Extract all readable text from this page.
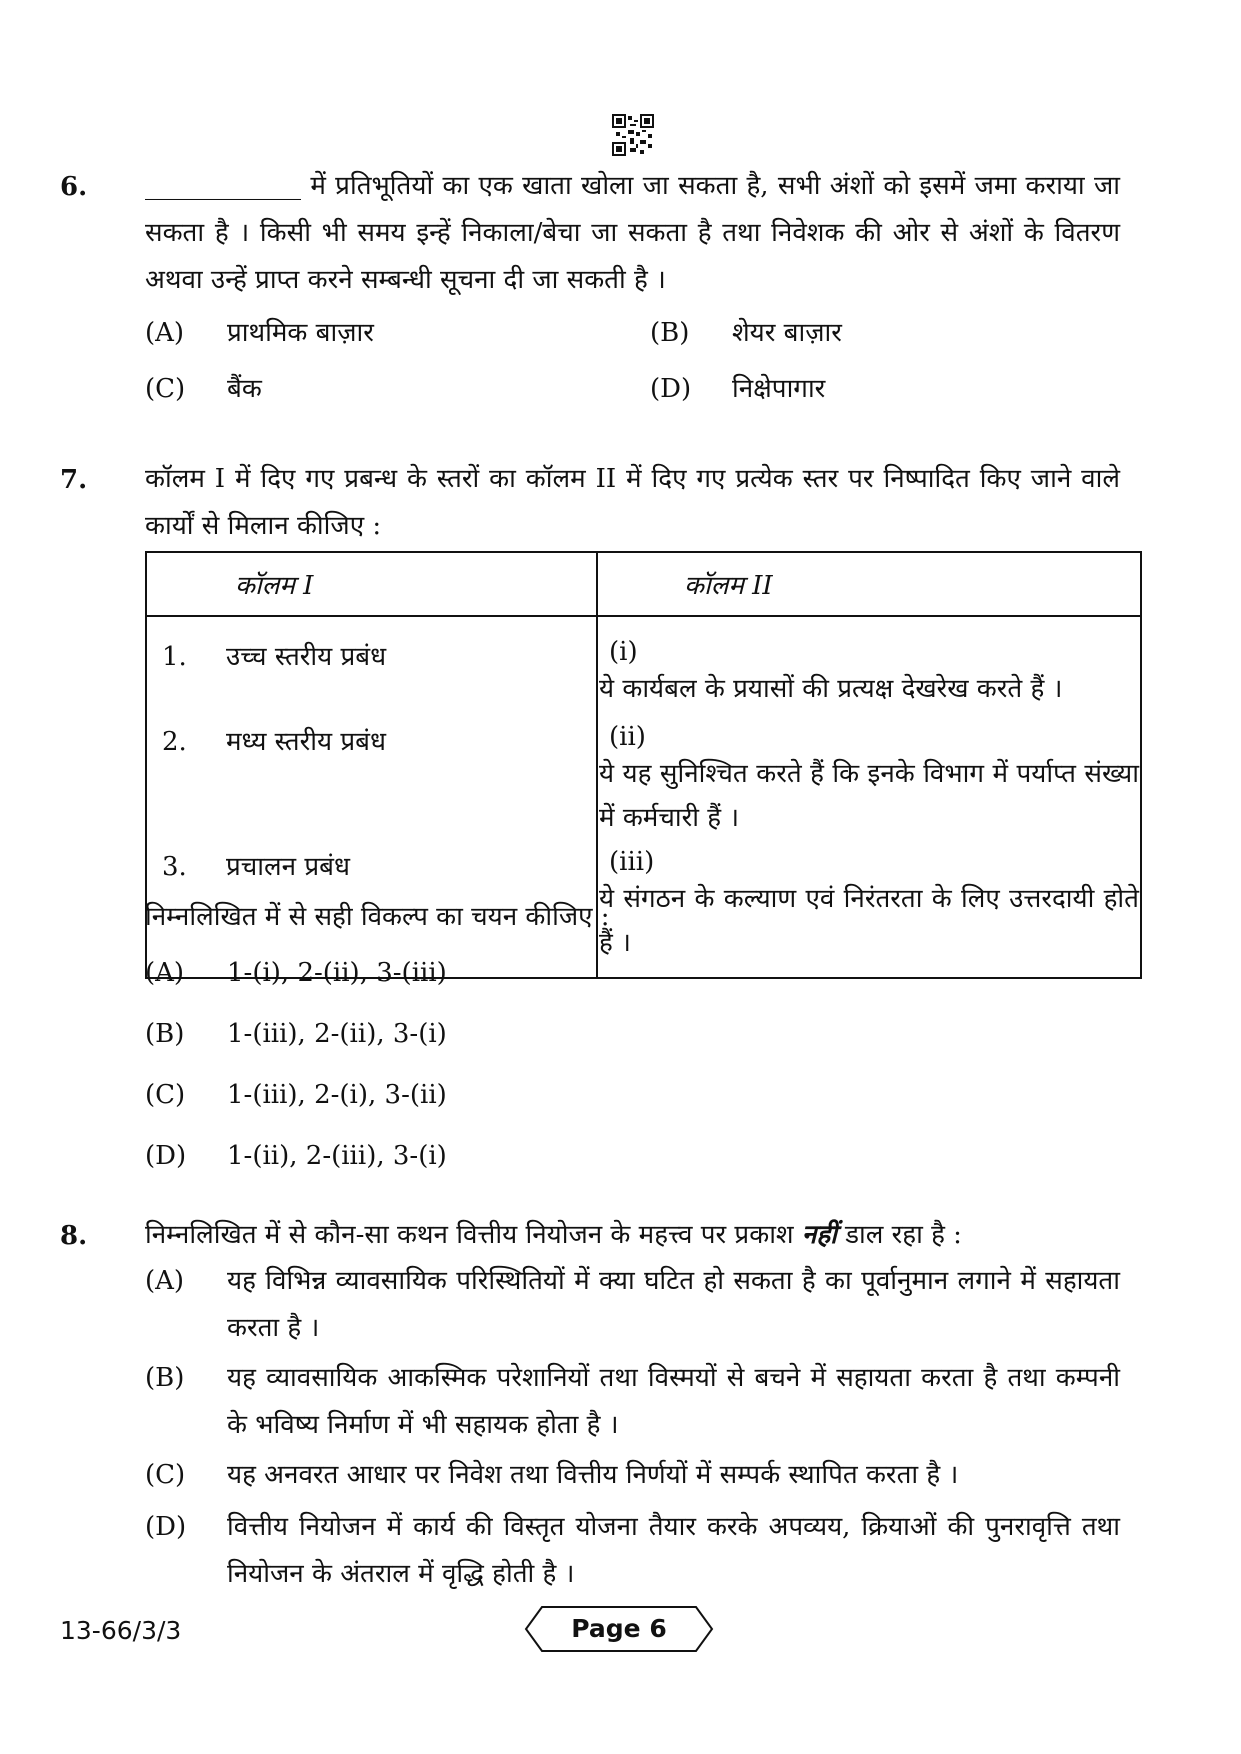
6. ____________ में प्रतिभूतियों का एक खाता खोला जा सकता है, सभी अंशों को इसमें जमा कराया जा सकता है । किसी भी समय इन्हें निकाला/बेचा जा सकता है तथा निवेशक की ओर से अंशों के वितरण अथवा उन्हें प्राप्त करने सम्बन्धी सूचना दी जा सकती है ।
(A) प्राथमिक बाज़ार	(B) शेयर बाज़ार
(C) बैंक	(D) निक्षेपागार
7. कॉलम I में दिए गए प्रबन्ध के स्तरों का कॉलम II में दिए गए प्रत्येक स्तर पर निष्पादित किए जाने वाले कार्यों से मिलान कीजिए :
कॉलम I	कॉलम II
1. उच्च स्तरीय प्रबंध	(i)ये कार्यबल के प्रयासों की प्रत्यक्ष देखरेख करते हैं ।
2. मध्य स्तरीय प्रबंध	(ii)ये यह सुनिश्चित करते हैं कि इनके विभाग में पर्याप्त संख्या में कर्मचारी हैं ।
3. प्रचालन प्रबंध	(iii)ये संगठन के कल्याण एवं निरंतरता के लिए उत्तरदायी होते हैं ।
निम्नलिखित में से सही विकल्प का चयन कीजिए :
(A) 1-(i), 2-(ii), 3-(iii)
(B) 1-(iii), 2-(ii), 3-(i)
(C) 1-(iii), 2-(i), 3-(ii)
(D) 1-(ii), 2-(iii), 3-(i)
8. निम्नलिखित में से कौन-सा कथन वित्तीय नियोजन के महत्त्व पर प्रकाश नहीं डाल रहा है :
(A) यह विभिन्न व्यावसायिक परिस्थितियों में क्या घटित हो सकता है का पूर्वानुमान लगाने में सहायता करता है ।
(B) यह व्यावसायिक आकस्मिक परेशानियों तथा विस्मयों से बचने में सहायता करता है तथा कम्पनी के भविष्य निर्माण में भी सहायक होता है ।
(C) यह अनवरत आधार पर निवेश तथा वित्तीय निर्णयों में सम्पर्क स्थापित करता है ।
(D) वित्तीय नियोजन में कार्य की विस्तृत योजना तैयार करके अपव्यय, क्रियाओं की पुनरावृत्ति तथा नियोजन के अंतराल में वृद्धि होती है ।
13-66/3/3	Page 6
